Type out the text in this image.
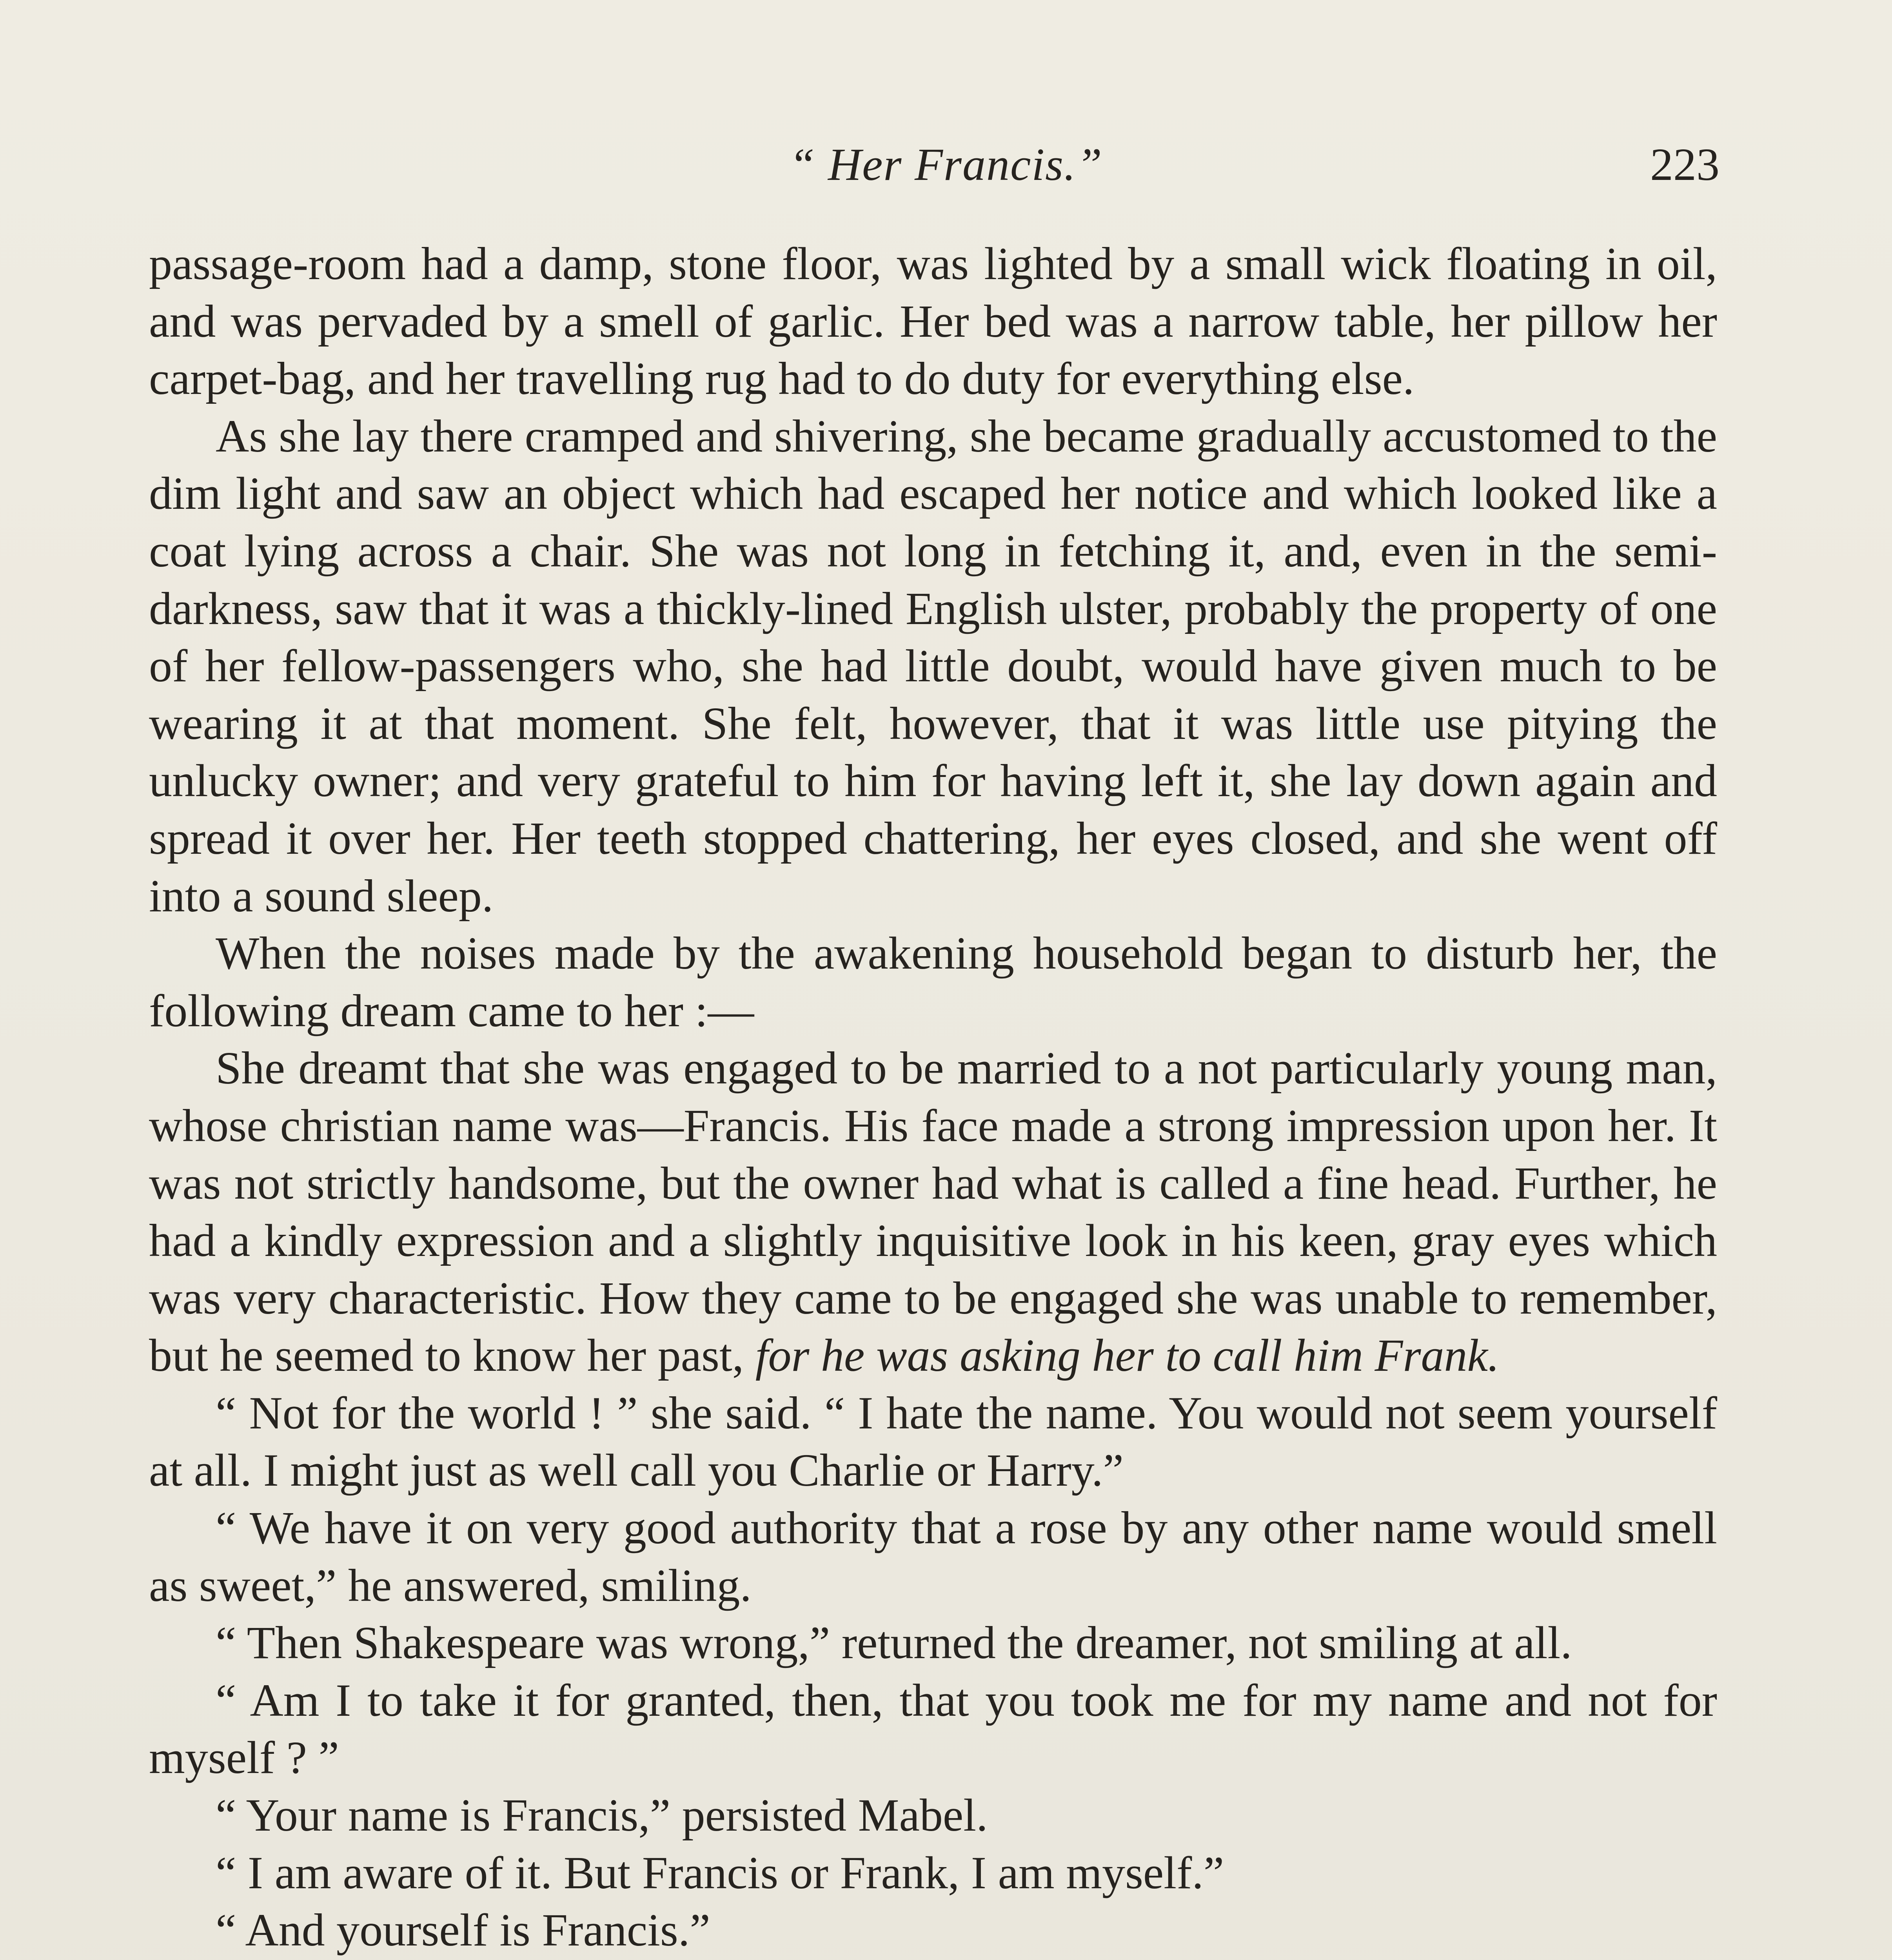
“ Her Francis.”	223

passage-room had a damp, stone floor, was lighted by a small wick floating in oil, and was pervaded by a smell of garlic. Her bed was a narrow table, her pillow her carpet-bag, and her travelling rug had to do duty for everything else.

As she lay there cramped and shivering, she became gradually accustomed to the dim light and saw an object which had escaped her notice and which looked like a coat lying across a chair. She was not long in fetching it, and, even in the semi-darkness, saw that it was a thickly-lined English ulster, probably the property of one of her fellow-passengers who, she had little doubt, would have given much to be wearing it at that moment. She felt, however, that it was little use pitying the unlucky owner; and very grateful to him for having left it, she lay down again and spread it over her. Her teeth stopped chattering, her eyes closed, and she went off into a sound sleep.

When the noises made by the awakening household began to disturb her, the following dream came to her :—

She dreamt that she was engaged to be married to a not particularly young man, whose christian name was—Francis. His face made a strong impression upon her. It was not strictly handsome, but the owner had what is called a fine head. Further, he had a kindly expression and a slightly inquisitive look in his keen, gray eyes which was very characteristic. How they came to be engaged she was unable to remember, but he seemed to know her past, for he was asking her to call him Frank.

“ Not for the world ! ” she said. “ I hate the name. You would not seem yourself at all. I might just as well call you Charlie or Harry.”

“ We have it on very good authority that a rose by any other name would smell as sweet,” he answered, smiling.

“ Then Shakespeare was wrong,” returned the dreamer, not smiling at all.

“ Am I to take it for granted, then, that you took me for my name and not for myself ? ”

“ Your name is Francis,” persisted Mabel.

“ I am aware of it. But Francis or Frank, I am myself.”

“ And yourself is Francis.”
